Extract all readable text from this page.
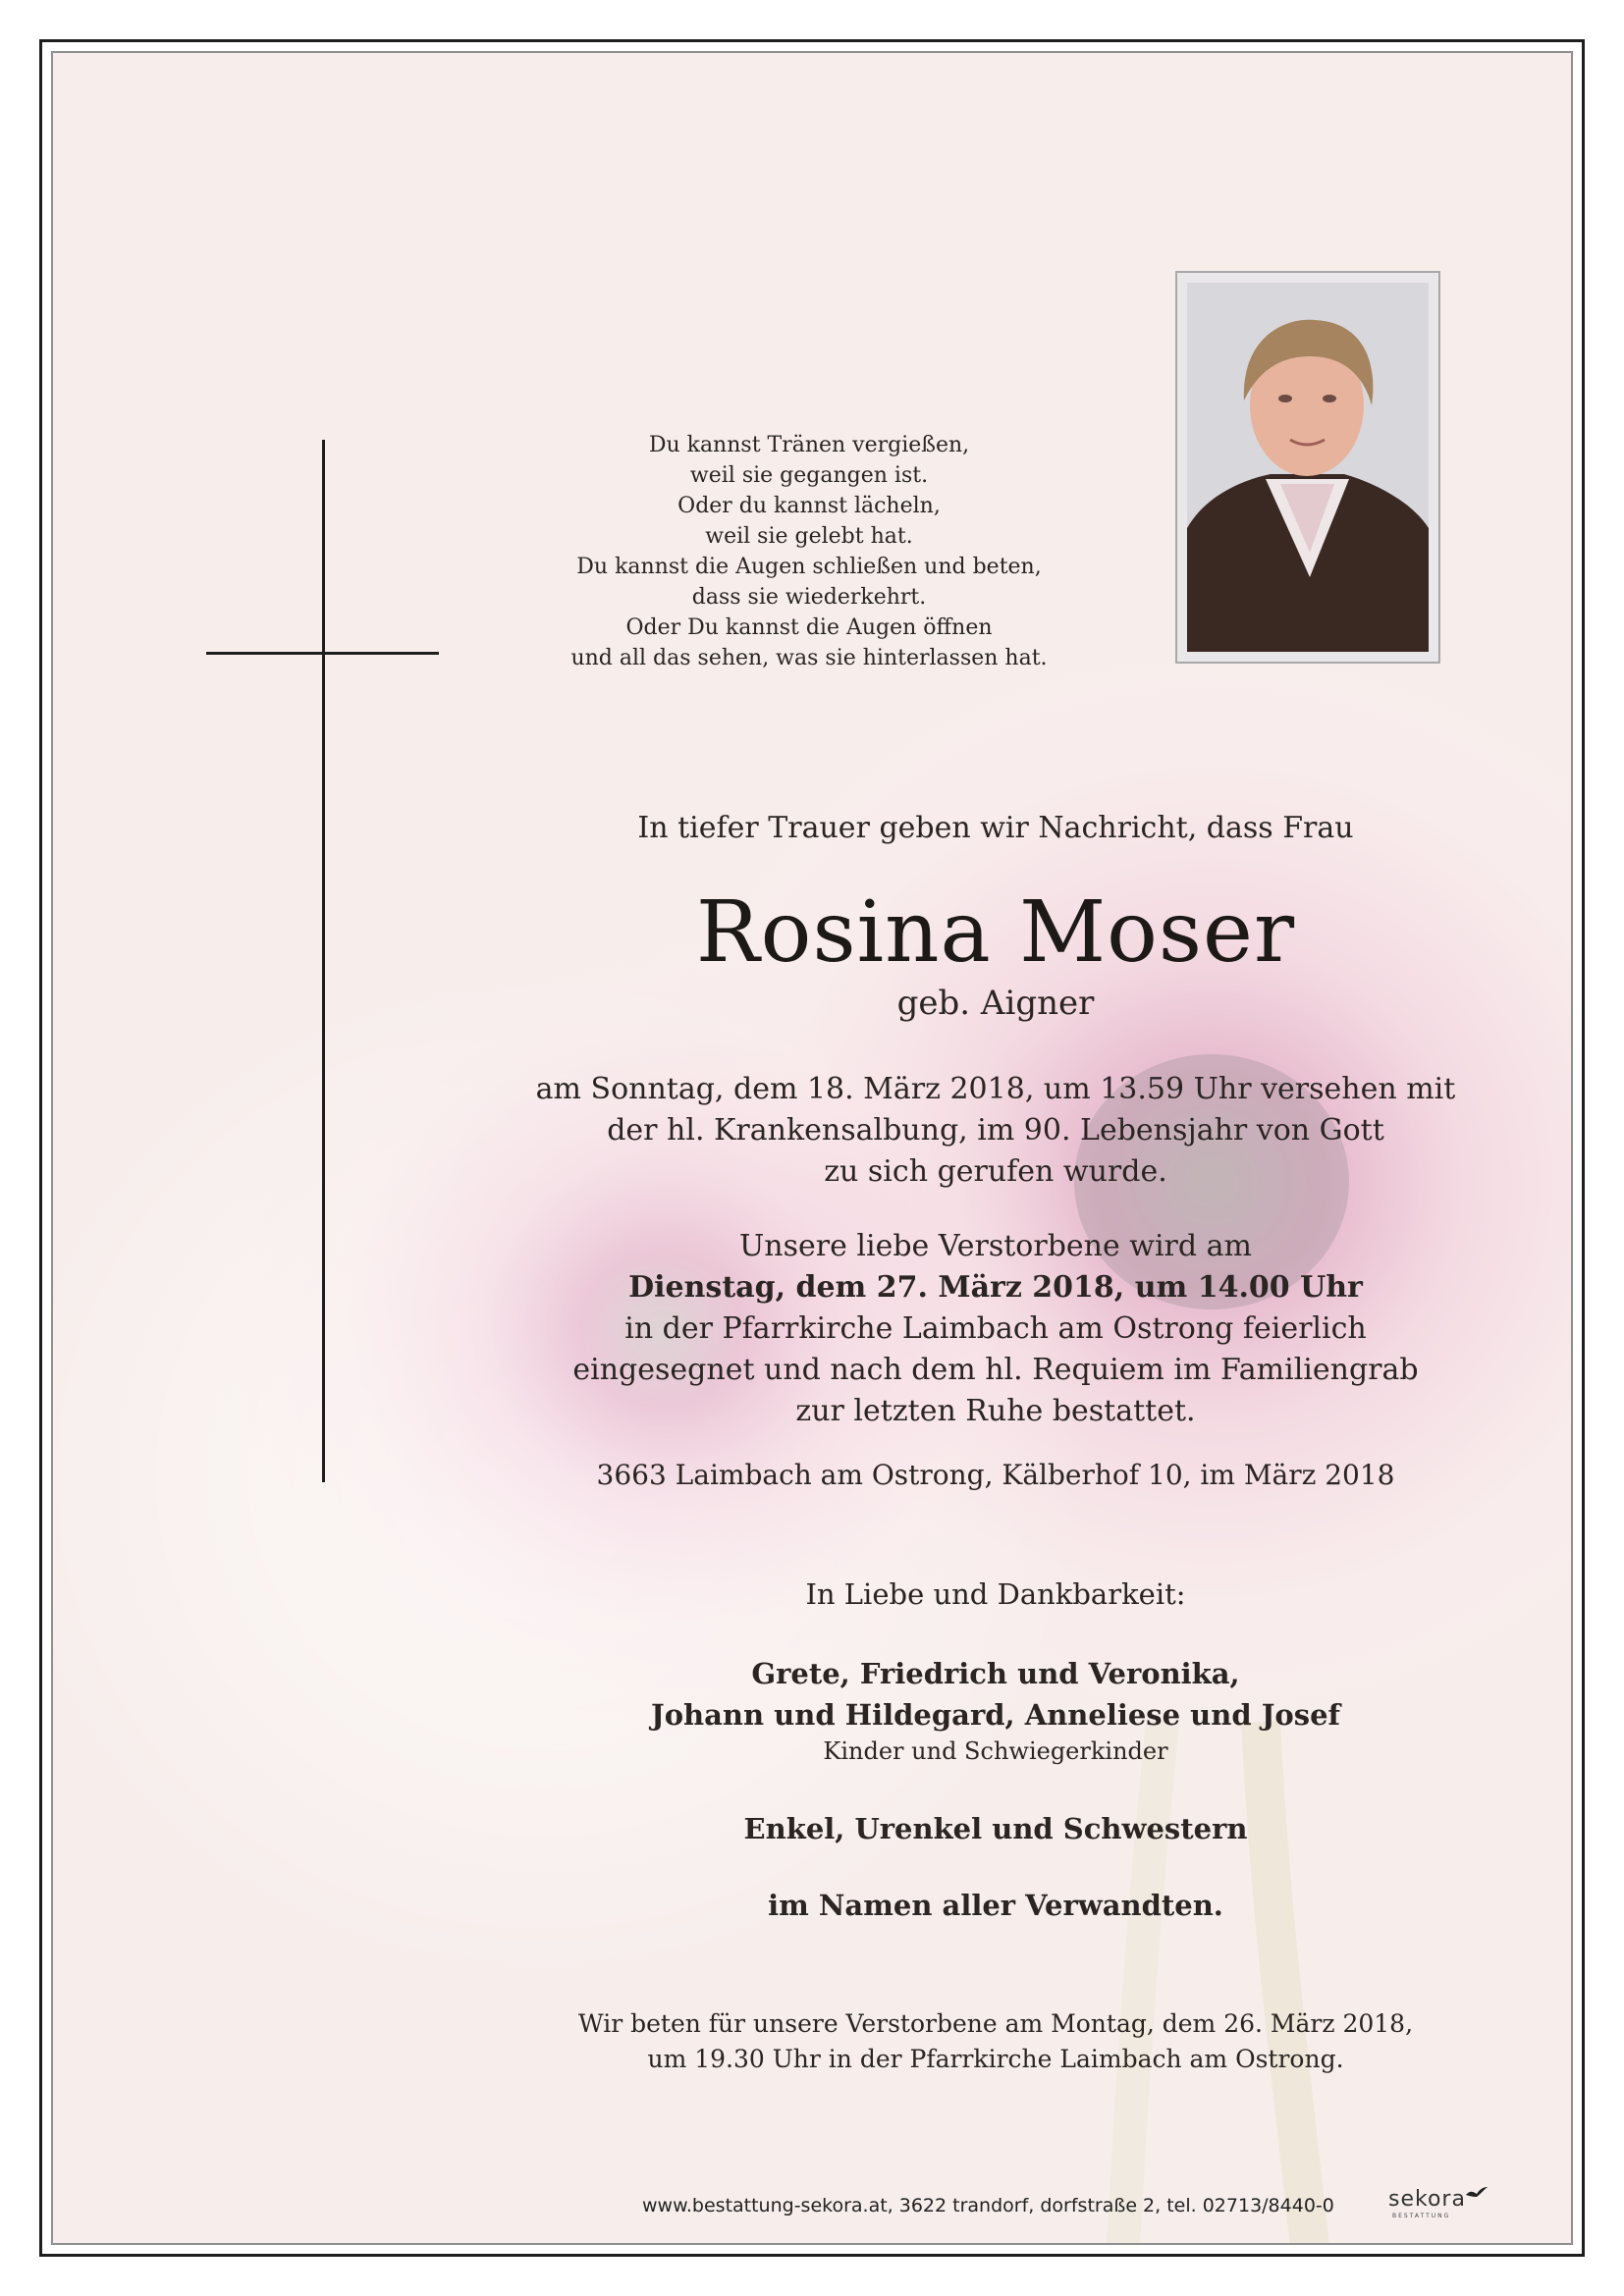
Du kannst Tränen vergießen,
weil sie gegangen ist.
Oder du kannst lächeln,
weil sie gelebt hat.
Du kannst die Augen schließen und beten,
dass sie wiederkehrt.
Oder Du kannst die Augen öffnen
und all das sehen, was sie hinterlassen hat.
In tiefer Trauer geben wir Nachricht, dass Frau
Rosina Moser
geb. Aigner
am Sonntag, dem 18. März 2018, um 13.59 Uhr versehen mit
der hl. Krankensalbung, im 90. Lebensjahr von Gott
zu sich gerufen wurde.
Unsere liebe Verstorbene wird am
Dienstag, dem 27. März 2018, um 14.00 Uhr
in der Pfarrkirche Laimbach am Ostrong feierlich
eingesegnet und nach dem hl. Requiem im Familiengrab
zur letzten Ruhe bestattet.
3663 Laimbach am Ostrong, Kälberhof 10, im März 2018
In Liebe und Dankbarkeit:
Grete, Friedrich und Veronika,
Johann und Hildegard, Anneliese und Josef
Kinder und Schwiegerkinder
Enkel, Urenkel und Schwestern
im Namen aller Verwandten.
Wir beten für unsere Verstorbene am Montag, dem 26. März 2018,
um 19.30 Uhr in der Pfarrkirche Laimbach am Ostrong.
www.bestattung-sekora.at, 3622 trandorf, dorfstraße 2, tel. 02713/8440-0	sekora
BESTATTUNG
